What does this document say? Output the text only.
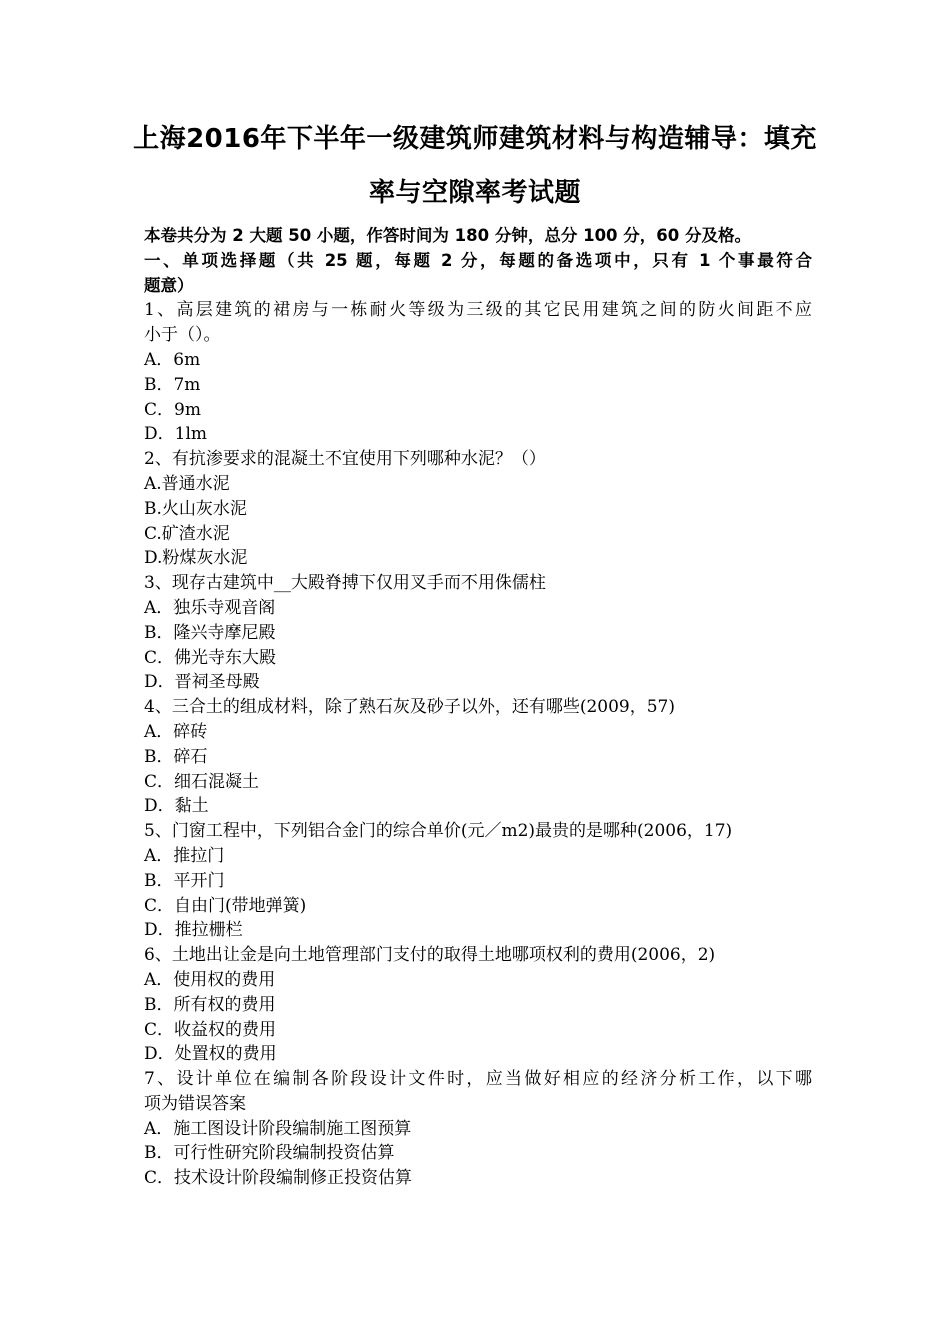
上海2016年下半年一级建筑师建筑材料与构造辅导：填充
率与空隙率考试题
本卷共分为 2 大题 50 小题，作答时间为 180 分钟，总分 100 分，60 分及格。
一、单项选择题（共 25 题，每题 2 分，每题的备选项中，只有 1 个事最符合
题意）
1、高层建筑的裙房与一栋耐火等级为三级的其它民用建筑之间的防火间距不应
小于（）。
A．6m
B．7m
C．9m
D．1lm
2、有抗渗要求的混凝土不宜使用下列哪种水泥？（）
A.普通水泥
B.火山灰水泥
C.矿渣水泥
D.粉煤灰水泥
3、现存古建筑中__大殿脊搏下仅用叉手而不用侏儒柱
A．独乐寺观音阁
B．隆兴寺摩尼殿
C．佛光寺东大殿
D．晋祠圣母殿
4、三合土的组成材料，除了熟石灰及砂子以外，还有哪些(2009，57)
A．碎砖
B．碎石
C．细石混凝土
D．黏土
5、门窗工程中，下列铝合金门的综合单价(元／m2)最贵的是哪种(2006，17)
A．推拉门
B．平开门
C．自由门(带地弹簧)
D．推拉栅栏
6、土地出让金是向土地管理部门支付的取得土地哪项权利的费用(2006，2)
A．使用权的费用
B．所有权的费用
C．收益权的费用
D．处置权的费用
7、设计单位在编制各阶段设计文件时，应当做好相应的经济分析工作，以下哪
项为错误答案
A．施工图设计阶段编制施工图预算
B．可行性研究阶段编制投资估算
C．技术设计阶段编制修正投资估算
